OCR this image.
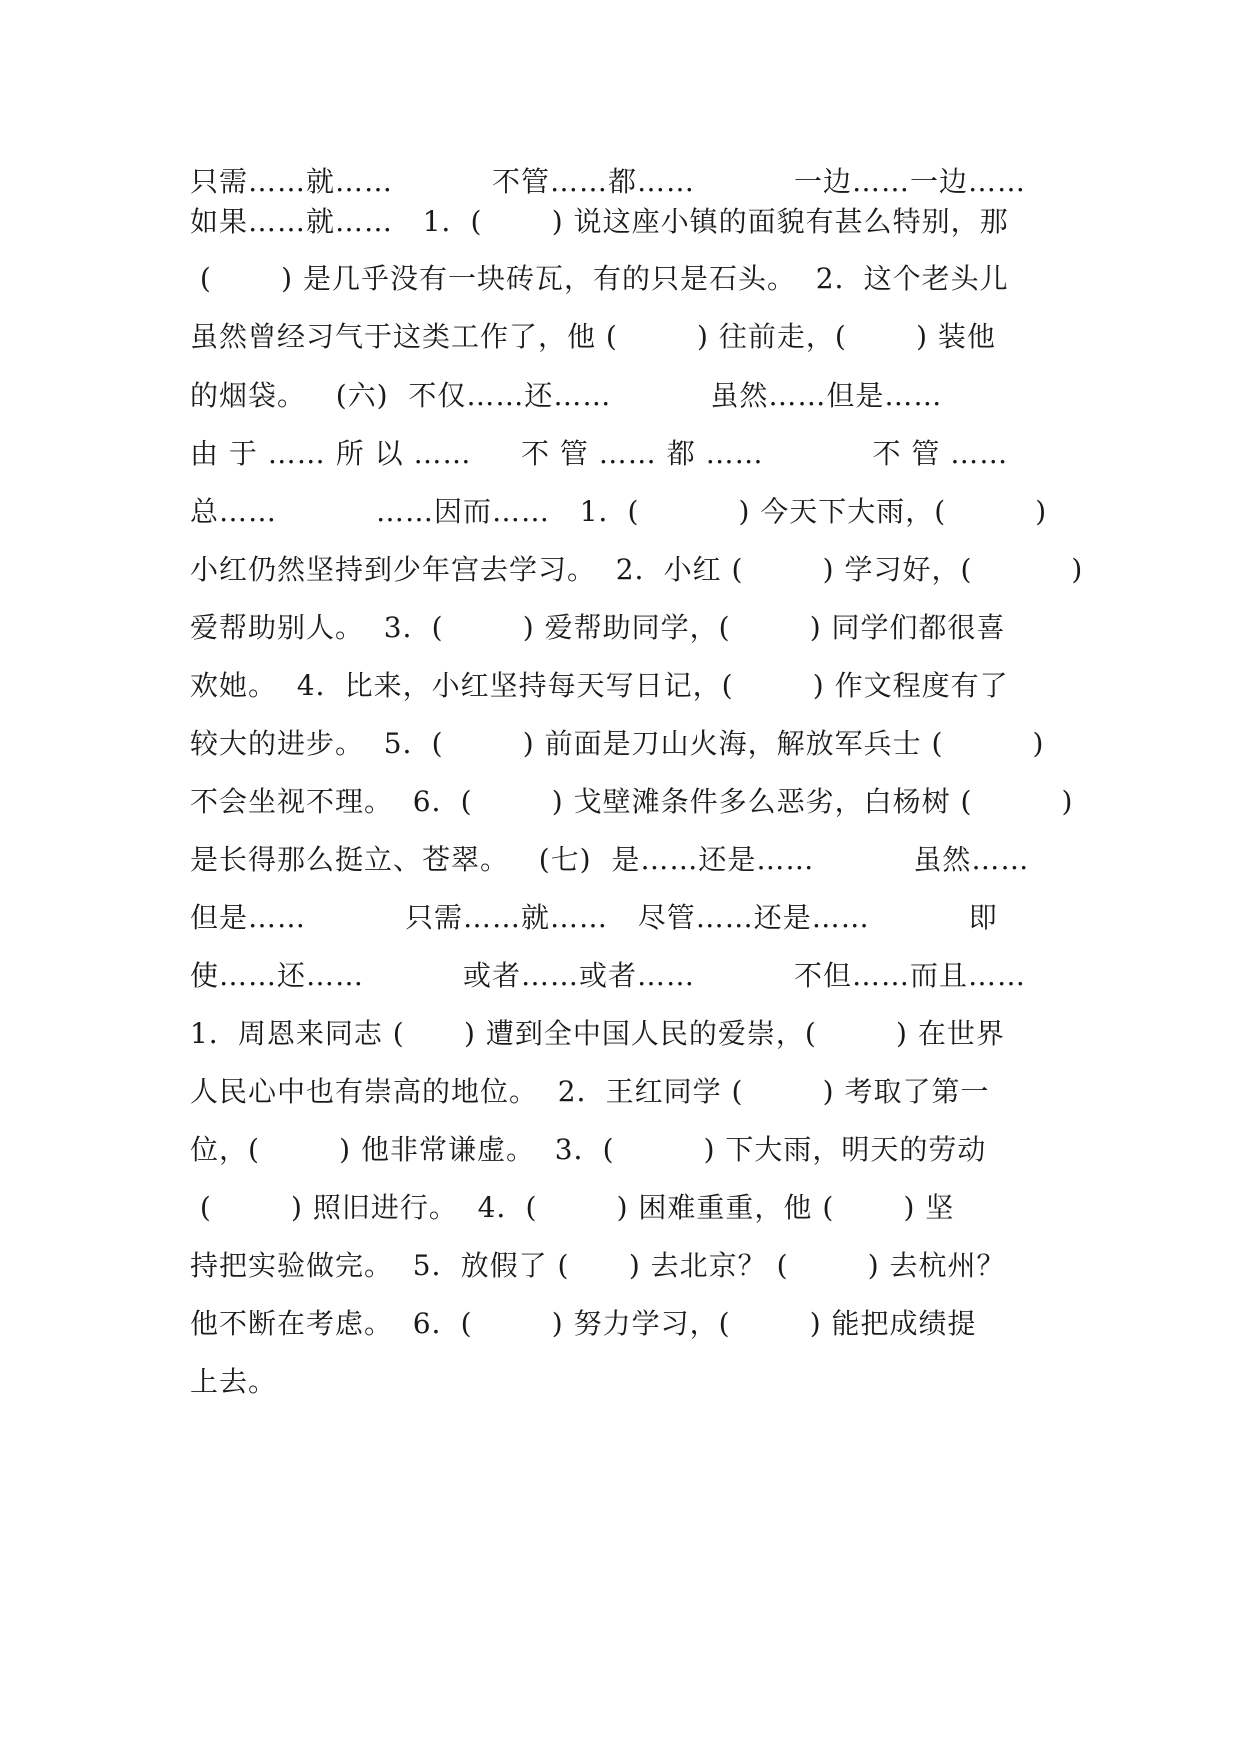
只需……就……          不管……都……          一边……一边……
如果……就……   1．(       ) 说这座小镇的面貌有甚么特别，那
(       ) 是几乎没有一块砖瓦，有的只是石头。  2．这个老头儿
虽然曾经习气于这类工作了，他 (        ) 往前走，(       ) 装他
的烟袋。   (六)  不仅……还……          虽然……但是……
由 于 …… 所 以 ……     不 管 …… 都 ……           不 管 ……
总……          ……因而……   1．(          ) 今天下大雨，(         )
小红仍然坚持到少年宫去学习。  2．小红 (        ) 学习好，(          )
爱帮助别人。  3．(        ) 爱帮助同学，(        ) 同学们都很喜
欢她。  4．比来，小红坚持每天写日记，(        ) 作文程度有了
较大的进步。  5．(        ) 前面是刀山火海，解放军兵士 (         )
不会坐视不理。  6．(        ) 戈壁滩条件多么恶劣，白杨树 (         )
是长得那么挺立、苍翠。   (七)  是……还是……          虽然……
但是……          只需……就……   尽管……还是……          即
使……还……          或者……或者……          不但……而且……
1．周恩来同志 (      ) 遭到全中国人民的爱崇，(        ) 在世界
人民心中也有崇高的地位。  2．王红同学 (        ) 考取了第一
位，(        ) 他非常谦虚。  3．(         ) 下大雨，明天的劳动
(        ) 照旧进行。  4．(        ) 困难重重，他 (       ) 坚
持把实验做完。  5．放假了 (      ) 去北京？ (        ) 去杭州？
他不断在考虑。  6．(        ) 努力学习，(        ) 能把成绩提
上去。
